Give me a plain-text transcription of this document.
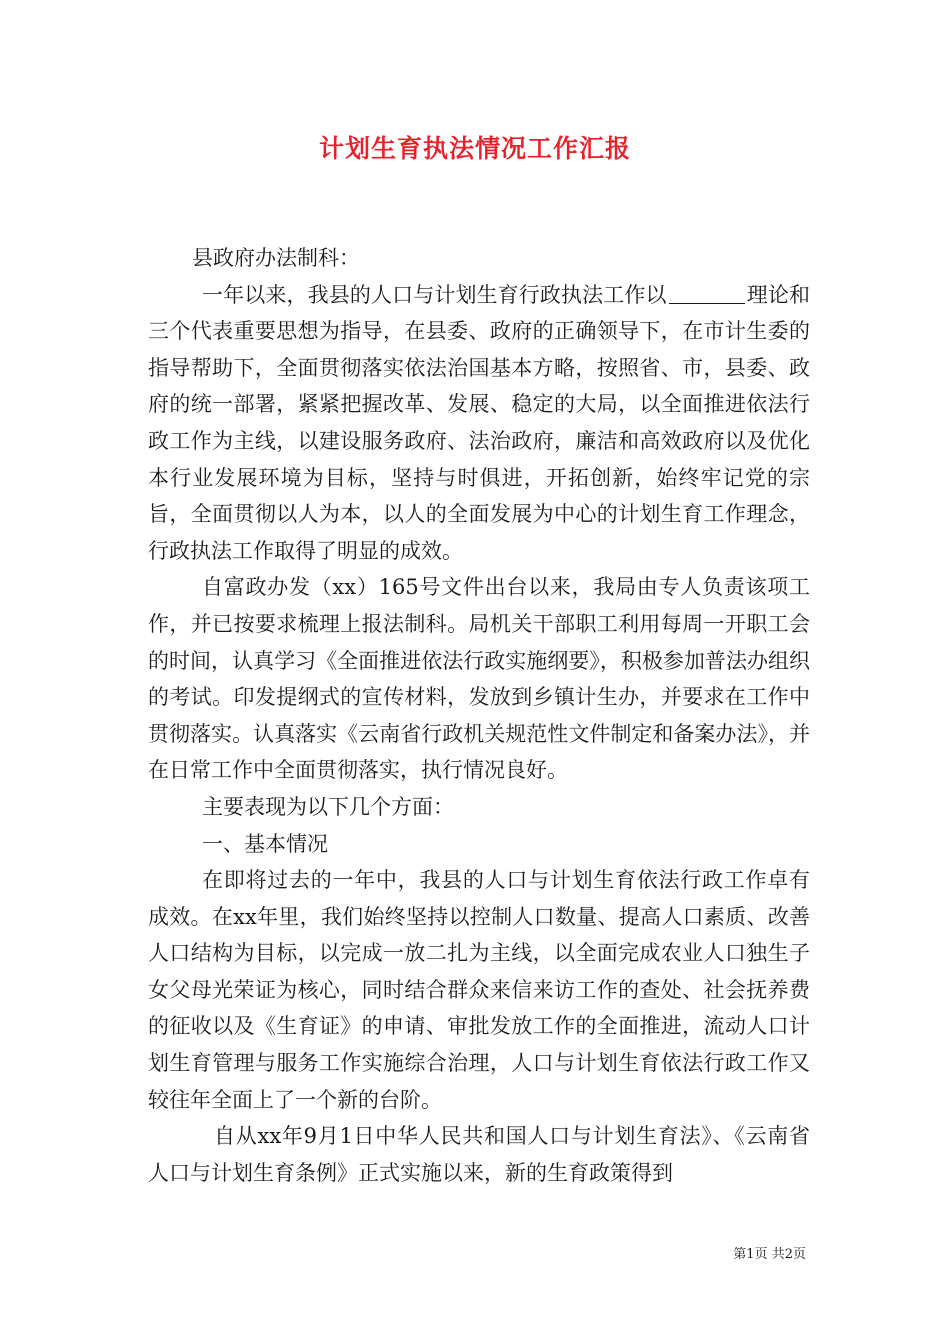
计划生育执法情况工作汇报

县政府办法制科：

一年以来，我县的人口与计划生育行政执法工作以	理论和三个代表重要思想为指导，在县委、政府的正确领导下，在市计生委的指导帮助下，全面贯彻落实依法治国基本方略，按照省、市，县委、政府的统一部署，紧紧把握改革、发展、稳定的大局，以全面推进依法行政工作为主线，以建设服务政府、法治政府，廉洁和高效政府以及优化本行业发展环境为目标，坚持与时俱进，开拓创新，始终牢记党的宗旨，全面贯彻以人为本，以人的全面发展为中心的计划生育工作理念，行政执法工作取得了明显的成效。

自富政办发（xx）165号文件出台以来，我局由专人负责该项工作，并已按要求梳理上报法制科。局机关干部职工利用每周一开职工会的时间，认真学习《全面推进依法行政实施纲要》，积极参加普法办组织的考试。印发提纲式的宣传材料，发放到乡镇计生办，并要求在工作中贯彻落实。认真落实《云南省行政机关规范性文件制定和备案办法》，并在日常工作中全面贯彻落实，执行情况良好。

主要表现为以下几个方面：

一、基本情况

在即将过去的一年中，我县的人口与计划生育依法行政工作卓有成效。在xx年里，我们始终坚持以控制人口数量、提高人口素质、改善人口结构为目标，以完成一放二扎为主线，以全面完成农业人口独生子女父母光荣证为核心，同时结合群众来信来访工作的查处、社会抚养费的征收以及《生育证》的申请、审批发放工作的全面推进，流动人口计划生育管理与服务工作实施综合治理，人口与计划生育依法行政工作又较往年全面上了一个新的台阶。

自从xx年9月1日中华人民共和国人口与计划生育法》、《云南省人口与计划生育条例》正式实施以来，新的生育政策得到

第1页 共2页
